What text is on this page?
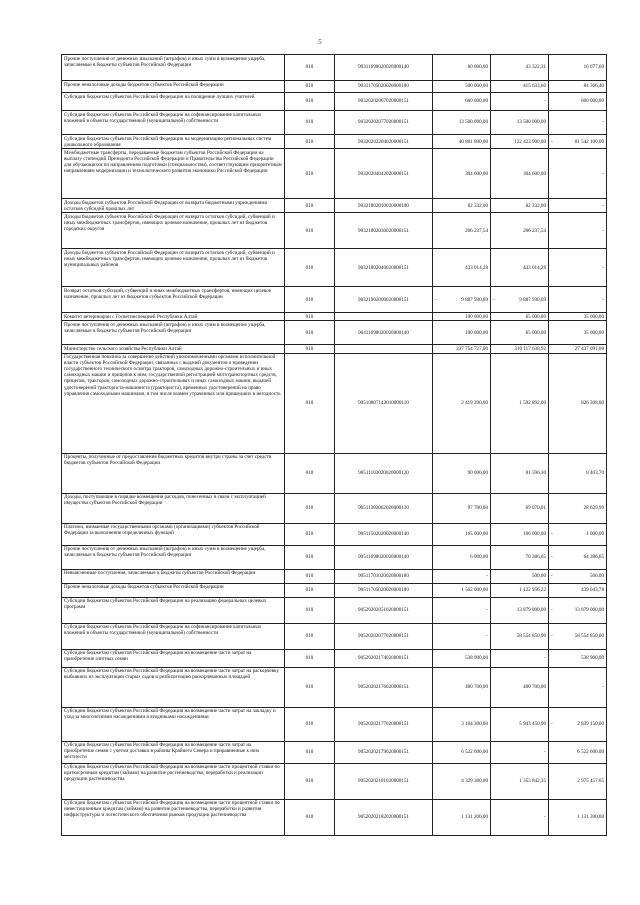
5
Прочие поступления от денежных взысканий (штрафов) и иных сумм в возмещение ущерба, зачисляемые в бюджеты субъектов Российской Федерации	010	90311690020020000140	60 000,00	43 322,31	16 677,69
Прочие неналоговые доходы бюджетов субъектов Российской Федерации	010	90311705020020000180	500 000,00	415 633,60	84 366,40
Субсидии бюджетам субъектов Российской Федерации на поощрение лучших учителей	010	90320202067020000151	600 000,00	-	600 000,00
Субсидии бюджетам субъектов Российской Федерации на софинансирование капитальных вложений в объекты государственной (муниципальной) собственности	010	90320202077020000151	13 500 000,00	13 500 000,00	-
Субсидии бюджетам субъектов Российской Федерации на модернизацию региональных систем дошкольного образования	010	90320202204020000151	40 881 800,00	122 423 900,00	- 81 542 100,00
Межбюджетные трансферты, передаваемые бюджетам субъектов Российской Федерации на выплату стипендий Президента Российской Федерации и Правительства Российской Федерации для обучающихся по направлениям подготовки (специальностям), соответствующим приоритетным направлениям модернизации и технологического развития экономики Российской Федерации	010	90320204042020000151	304 600,00	304 600,00	-
Доходы бюджетов субъектов Российской Федерации от возврата бюджетными учреждениями остатков субсидий прошлых лет	010	90321802010020000180	82 332,00	82 332,00	-
Доходы бюджетов субъектов Российской Федерации от возврата остатков субсидий, субвенций и иных межбюджетных трансфертов, имеющих целевое назначение, прошлых лет из бюджетов городских округов	010	90321802030020000151	206 237,54	206 237,54	-
Доходы бюджетов субъектов Российской Федерации от возврата остатков субсидий, субвенций и иных межбюджетных трансфертов, имеющих целевое назначение, прошлых лет из бюджетов муниципальных районов	010	90321802040020000151	433 014,28	433 014,28	-
Возврат остатков субсидий, субвенций и иных межбюджетных трансфертов, имеющих целевое назначение, прошлых лет из бюджетов субъектов Российской Федерации	010	90321902000020000151	- 9 887 930,69	- 9 887 930,69	-
Комитет ветеринарии с Госветинспекцией Республики Алтай	010		100 000,00	65 000,00	35 000,00
Прочие поступления от денежных взысканий (штрафов) и иных сумм в возмещение ущерба, зачисляемые в бюджеты субъектов Российской Федерации	010	90411690020020000140	100 000,00	65 000,00	35 000,00
Министерство сельского хозяйства Республики Алтай	010		337 754 727,00	310 117 638,92	27 437 091,08
Государственная пошлина за совершение действий уполномоченными органами исполнительной власти субъектов Российской Федерации, связанных с выдачей документов о проведении государственного технического осмотра тракторов, самоходных дорожно-строительных и иных самоходных машин и прицепов к ним, государственной регистрацией мототранспортных средств, прицепов, тракторов, самоходных дорожно-строительных и иных самоходных машин, выдачей удостоверений тракториста-машиниста (тракториста), временных удостоверений на право управления самоходными машинами, в том числе взамен утраченных или пришедших в негодность	010	90510807142010000110	2 419 200,00	1 592 892,00	826 308,00
Проценты, полученные от предоставления бюджетных кредитов внутри страны за счет средств бюджетов субъектов Российской Федерации	010	90511103020020000120	90 000,00	81 596,30	8 403,70
Доходы, поступающие в порядке возмещения расходов, понесенных в связи с эксплуатацией имущества субъектов Российской Федерации	010	90511302062020000130	97 700,00	69 070,01	28 629,99
Платежи, взимаемые государственными органами (организациями) субъектов Российской Федерации за выполнение определенных функций	010	90511502020020000140	165 000,00	166 000,00	- 1 000,00
Прочие поступления от денежных взысканий (штрафов) и иных сумм в возмещение ущерба, зачисляемые в бюджеты субъектов Российской Федерации	010	90511690020020000140	6 000,00	70 386,65	- 64 386,65
Невыясненные поступления, зачисляемые в бюджеты субъектов Российской Федерации	010	90511701020020000180	-	500,00	- 500,00
Прочие неналоговые доходы бюджетов субъектов Российской Федерации	010	90511705020020000180	1 562 000,00	1 122 956,22	439 043,78
Субсидии бюджетам субъектов Российской Федерации на реализацию федеральных целевых программ	010	90520202051020000151	-	13 879 000,00	- 13 879 000,00
Субсидии бюджетам субъектов Российской Федерации на софинансирование капитальных вложений в объекты государственной (муниципальной) собственности	010	90520202077020000151	-	58 554 850,00	- 58 554 850,00
Субсидии бюджетам субъектов Российской Федерации на возмещение части затрат на приобретение элитных семян	010	90520202174020000151	538 900,00	-	538 900,00
Субсидии бюджетам субъектов Российской Федерации на возмещение части затрат на раскорчевку выбывших из эксплуатации старых садов и реабилитацию раскорчеванных площадей	010	90520202176020000151	400 700,00	400 700,00	-
Субсидии бюджетам субъектов Российской Федерации на возмещение части затрат на закладку и уход за многолетними насаждениями и ягодниками насаждениями	010	90520202177020000151	3 104 300,00	5 943 450,00	- 2 839 150,00
Субсидии бюджетам субъектов Российской Федерации на возмещение части затрат на приобретение семян с учетом доставки в районы Крайнего Севера и приравненные к ним местности	010	90520202179020000151	6 522 600,00	-	6 522 600,00
Субсидии бюджетам субъектов Российской Федерации на возмещение части процентной ставки по краткосрочным кредитам (займам) на развитие растениеводства, переработки и реализации продукции растениеводства	010	90520202181020000151	4 329 300,00	1 353 842,35	2 975 457,65
Субсидии бюджетам субъектов Российской Федерации на возмещение части процентной ставки по инвестиционным кредитам (займам) на развитие растениеводства, переработки и развития инфраструктуры и логистического обеспечения рынков продукции растениеводства	010	90520202182020000151	1 131 200,00	-	1 131 200,00
